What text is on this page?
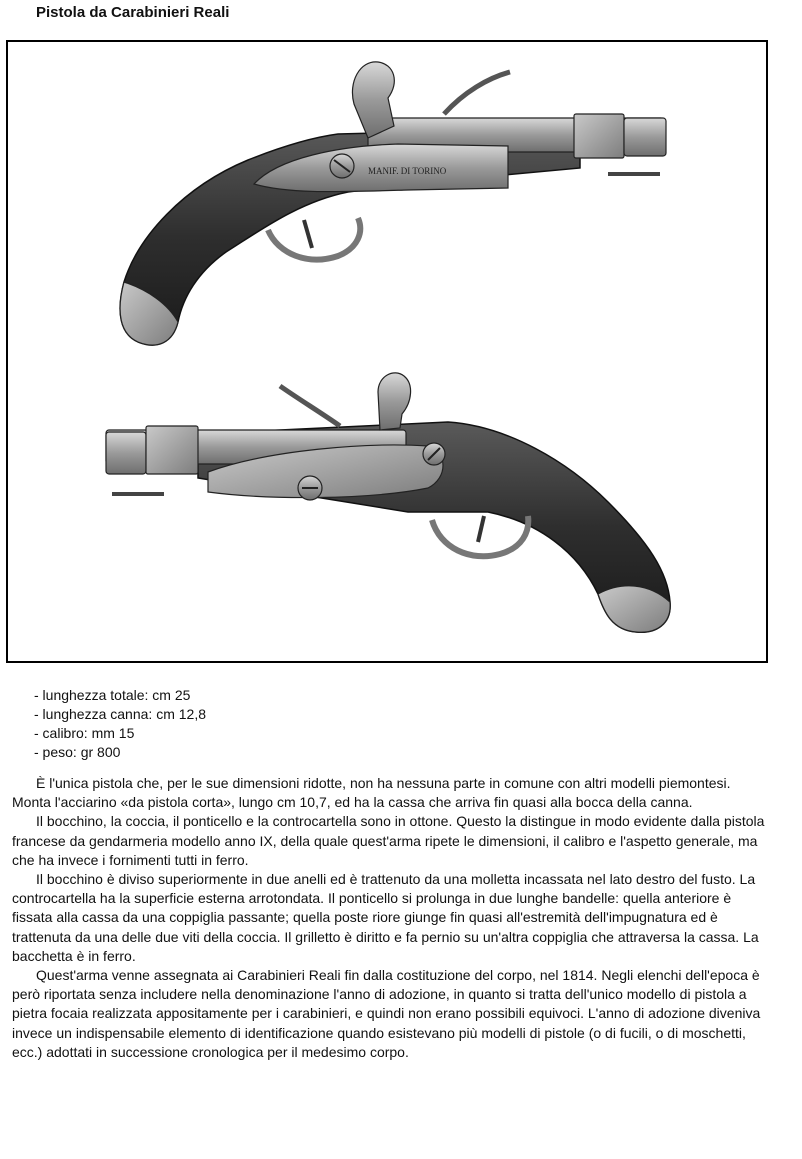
Pistola da Carabinieri Reali
MANIF. DI TORINO
- lunghezza totale: cm 25
- lunghezza canna: cm 12,8
- calibro: mm 15
- peso: gr 800

È l'unica pistola che, per le sue dimensioni ridotte, non ha nessuna parte in comune con altri modelli piemontesi. Monta l'acciarino «da pistola corta», lungo cm 10,7, ed ha la cassa che arriva fin quasi alla bocca della canna.

Il bocchino, la coccia, il ponticello e la controcartella sono in ottone. Questo la distingue in modo evidente dalla pistola francese da gendarmeria modello anno IX, della quale quest'arma ripete le dimensioni, il calibro e l'aspetto generale, ma che ha invece i fornimenti tutti in ferro.

Il bocchino è diviso superiormente in due anelli ed è trattenuto da una molletta incassata nel lato destro del fusto. La controcartella ha la superficie esterna arrotondata. Il ponticello si prolunga in due lunghe bandelle: quella anteriore è fissata alla cassa da una coppiglia passante; quella poste riore giunge fin quasi all'estremità dell'impugnatura ed è trattenuta da una delle due viti della coccia. Il grilletto è diritto e fa pernio su un'altra coppiglia che attraversa la cassa. La bacchetta è in ferro.

Quest'arma venne assegnata ai Carabinieri Reali fin dalla costituzione del corpo, nel 1814. Negli elenchi dell'epoca è però riportata senza includere nella denominazione l'anno di adozione, in quanto si tratta dell'unico modello di pistola a pietra focaia realizzata appositamente per i carabinieri, e quindi non erano possibili equivoci. L'anno di adozione diveniva invece un indispensabile elemento di identificazione quando esistevano più modelli di pistole (o di fucili, o di moschetti, ecc.) adottati in successione cronologica per il medesimo corpo.
